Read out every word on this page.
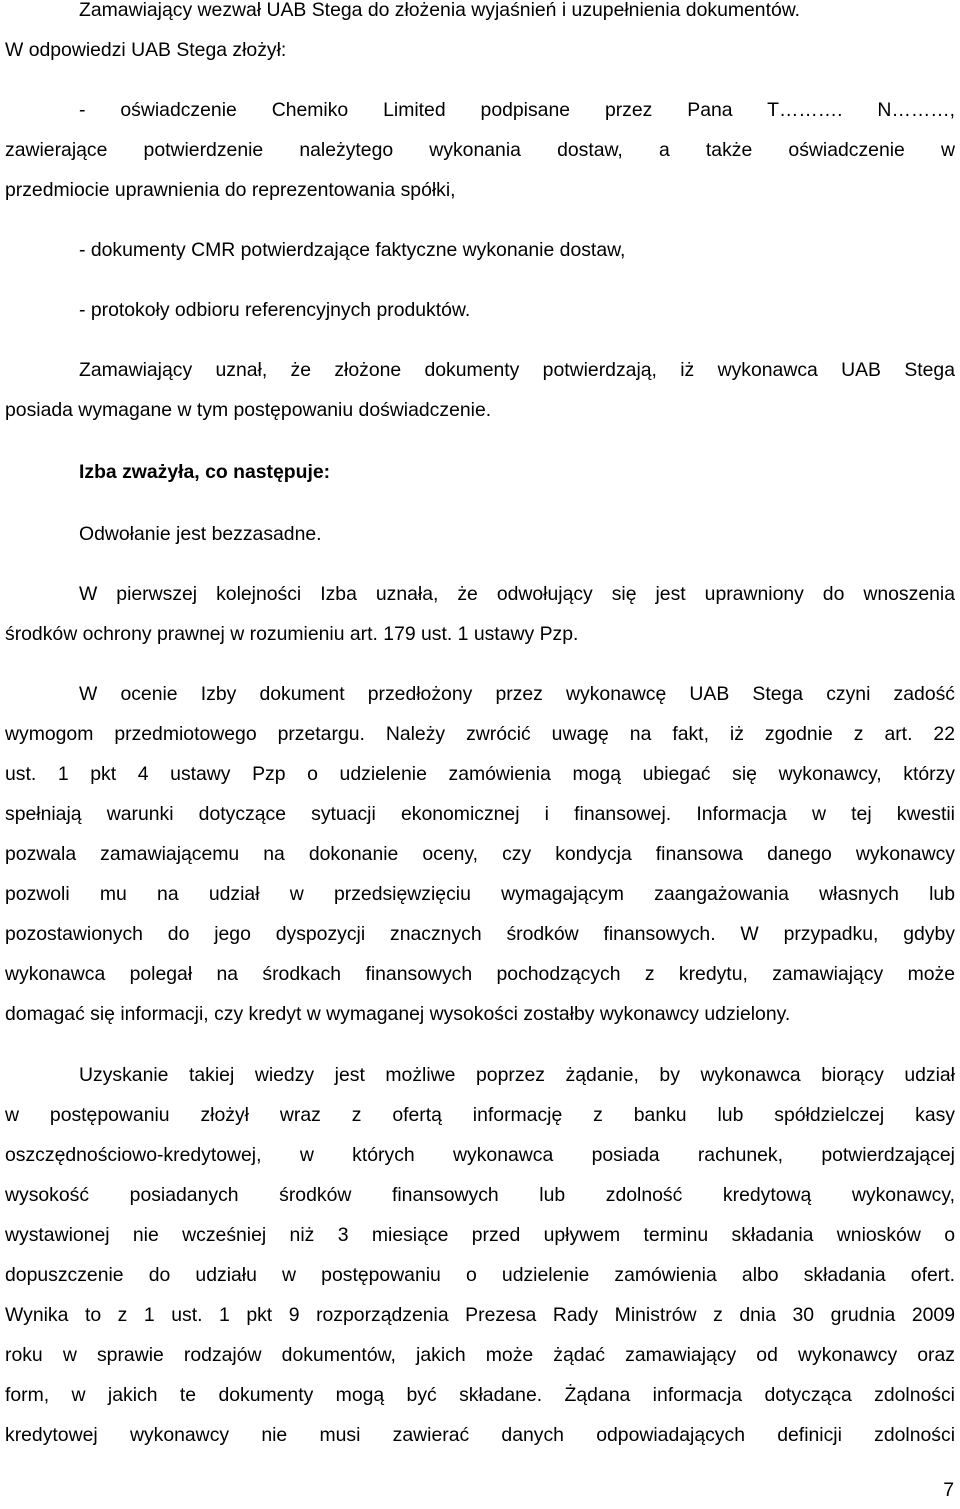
Zamawiający wezwał UAB Stega do złożenia wyjaśnień i uzupełnienia dokumentów.
W odpowiedzi UAB Stega złożył:
- oświadczenie Chemiko Limited podpisane przez Pana T………. N………,
zawierające potwierdzenie należytego wykonania dostaw, a także oświadczenie w
przedmiocie uprawnienia do reprezentowania spółki,
- dokumenty CMR potwierdzające faktyczne wykonanie dostaw,
- protokoły odbioru referencyjnych produktów.
Zamawiający uznał, że złożone dokumenty potwierdzają, iż wykonawca UAB Stega
posiada wymagane w tym postępowaniu doświadczenie.
Izba zważyła, co następuje:
Odwołanie jest bezzasadne.
W pierwszej kolejności Izba uznała, że odwołujący się jest uprawniony do wnoszenia
środków ochrony prawnej w rozumieniu art. 179 ust. 1 ustawy Pzp.
W ocenie Izby dokument przedłożony przez wykonawcę UAB Stega czyni zadość
wymogom przedmiotowego przetargu. Należy zwrócić uwagę na fakt, iż zgodnie z art. 22
ust. 1 pkt 4 ustawy Pzp o udzielenie zamówienia mogą ubiegać się wykonawcy, którzy
spełniają warunki dotyczące sytuacji ekonomicznej i finansowej. Informacja w tej kwestii
pozwala zamawiającemu na dokonanie oceny, czy kondycja finansowa danego wykonawcy
pozwoli mu na udział w przedsięwzięciu wymagającym zaangażowania własnych lub
pozostawionych do jego dyspozycji znacznych środków finansowych. W przypadku, gdyby
wykonawca polegał na środkach finansowych pochodzących z kredytu, zamawiający może
domagać się informacji, czy kredyt w wymaganej wysokości zostałby wykonawcy udzielony.
Uzyskanie takiej wiedzy jest możliwe poprzez żądanie, by wykonawca biorący udział
w postępowaniu złożył wraz z ofertą informację z banku lub spółdzielczej kasy
oszczędnościowo-kredytowej, w których wykonawca posiada rachunek, potwierdzającej
wysokość posiadanych środków finansowych lub zdolność kredytową wykonawcy,
wystawionej nie wcześniej niż 3 miesiące przed upływem terminu składania wniosków o
dopuszczenie do udziału w postępowaniu o udzielenie zamówienia albo składania ofert.
Wynika to z 1 ust. 1 pkt 9 rozporządzenia Prezesa Rady Ministrów z dnia 30 grudnia 2009
roku w sprawie rodzajów dokumentów, jakich może żądać zamawiający od wykonawcy oraz
form, w jakich te dokumenty mogą być składane. Żądana informacja dotycząca zdolności
kredytowej wykonawcy nie musi zawierać danych odpowiadających definicji zdolności
7
